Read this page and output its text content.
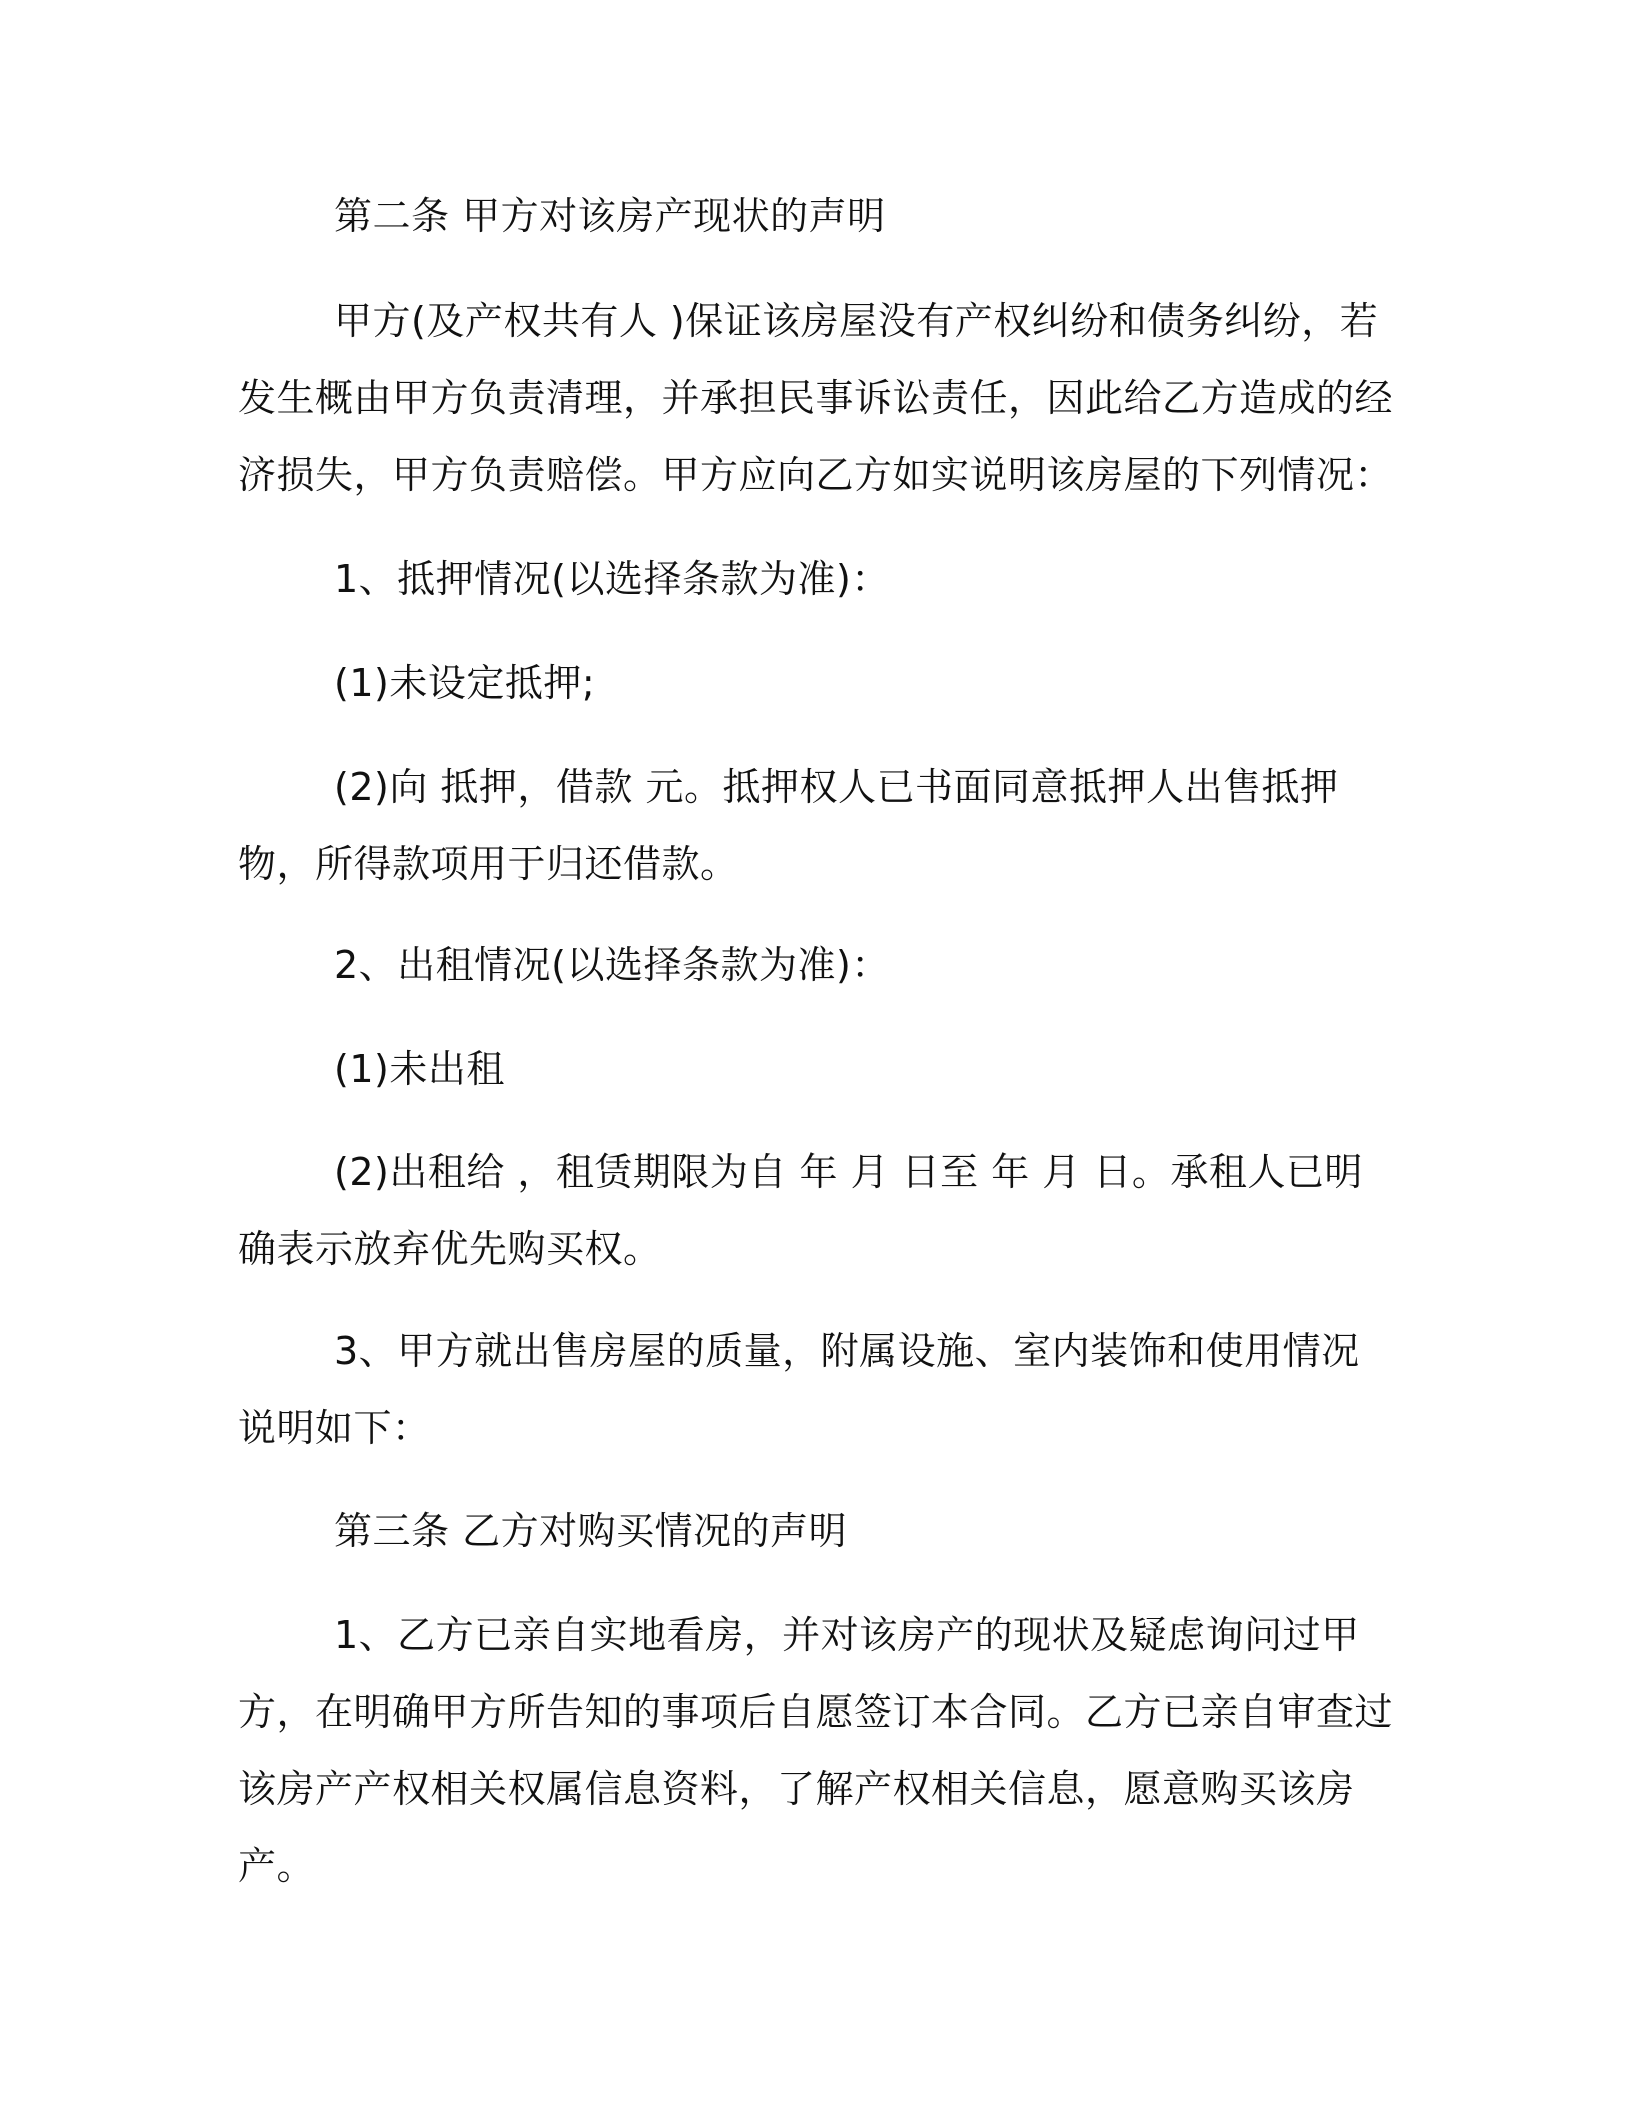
第二条 甲方对该房产现状的声明

甲方(及产权共有人 )保证该房屋没有产权纠纷和债务纠纷，若发生概由甲方负责清理，并承担民事诉讼责任，因此给乙方造成的经济损失，甲方负责赔偿。甲方应向乙方如实说明该房屋的下列情况：

1、抵押情况(以选择条款为准)：

(1)未设定抵押;

(2)向 抵押，借款 元。抵押权人已书面同意抵押人出售抵押物，所得款项用于归还借款。

2、出租情况(以选择条款为准)：

(1)未出租

(2)出租给 ，租赁期限为自 年 月 日至 年 月 日。承租人已明确表示放弃优先购买权。

3、甲方就出售房屋的质量，附属设施、室内装饰和使用情况说明如下：

第三条 乙方对购买情况的声明

1、乙方已亲自实地看房，并对该房产的现状及疑虑询问过甲方，在明确甲方所告知的事项后自愿签订本合同。乙方已亲自审查过该房产产权相关权属信息资料，了解产权相关信息，愿意购买该房产。
